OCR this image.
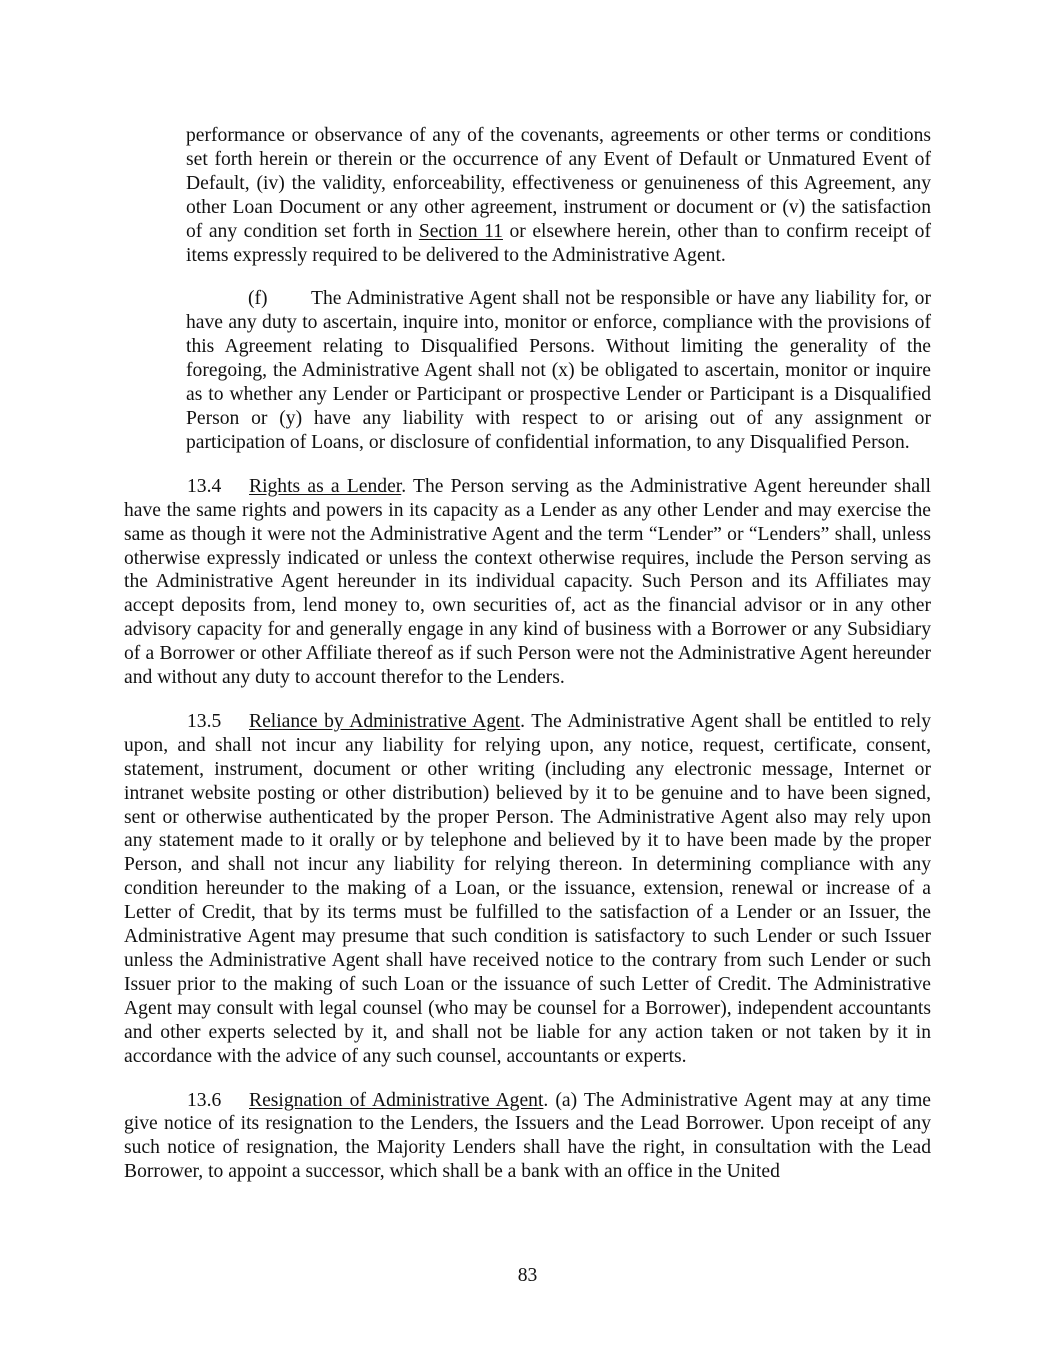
performance or observance of any of the covenants, agreements or other terms or conditions set forth herein or therein or the occurrence of any Event of Default or Unmatured Event of Default, (iv) the validity, enforceability, effectiveness or genuineness of this Agreement, any other Loan Document or any other agreement, instrument or document or (v) the satisfaction of any condition set forth in Section 11 or elsewhere herein, other than to confirm receipt of items expressly required to be delivered to the Administrative Agent.

(f) The Administrative Agent shall not be responsible or have any liability for, or have any duty to ascertain, inquire into, monitor or enforce, compliance with the provisions of this Agreement relating to Disqualified Persons. Without limiting the generality of the foregoing, the Administrative Agent shall not (x) be obligated to ascertain, monitor or inquire as to whether any Lender or Participant or prospective Lender or Participant is a Disqualified Person or (y) have any liability with respect to or arising out of any assignment or participation of Loans, or disclosure of confidential information, to any Disqualified Person.

13.4 Rights as a Lender. The Person serving as the Administrative Agent hereunder shall have the same rights and powers in its capacity as a Lender as any other Lender and may exercise the same as though it were not the Administrative Agent and the term “Lender” or “Lenders” shall, unless otherwise expressly indicated or unless the context otherwise requires, include the Person serving as the Administrative Agent hereunder in its individual capacity. Such Person and its Affiliates may accept deposits from, lend money to, own securities of, act as the financial advisor or in any other advisory capacity for and generally engage in any kind of business with a Borrower or any Subsidiary of a Borrower or other Affiliate thereof as if such Person were not the Administrative Agent hereunder and without any duty to account therefor to the Lenders.

13.5 Reliance by Administrative Agent. The Administrative Agent shall be entitled to rely upon, and shall not incur any liability for relying upon, any notice, request, certificate, consent, statement, instrument, document or other writing (including any electronic message, Internet or intranet website posting or other distribution) believed by it to be genuine and to have been signed, sent or otherwise authenticated by the proper Person. The Administrative Agent also may rely upon any statement made to it orally or by telephone and believed by it to have been made by the proper Person, and shall not incur any liability for relying thereon. In determining compliance with any condition hereunder to the making of a Loan, or the issuance, extension, renewal or increase of a Letter of Credit, that by its terms must be fulfilled to the satisfaction of a Lender or an Issuer, the Administrative Agent may presume that such condition is satisfactory to such Lender or such Issuer unless the Administrative Agent shall have received notice to the contrary from such Lender or such Issuer prior to the making of such Loan or the issuance of such Letter of Credit. The Administrative Agent may consult with legal counsel (who may be counsel for a Borrower), independent accountants and other experts selected by it, and shall not be liable for any action taken or not taken by it in accordance with the advice of any such counsel, accountants or experts.

13.6 Resignation of Administrative Agent. (a) The Administrative Agent may at any time give notice of its resignation to the Lenders, the Issuers and the Lead Borrower. Upon receipt of any such notice of resignation, the Majority Lenders shall have the right, in consultation with the Lead Borrower, to appoint a successor, which shall be a bank with an office in the United

83
